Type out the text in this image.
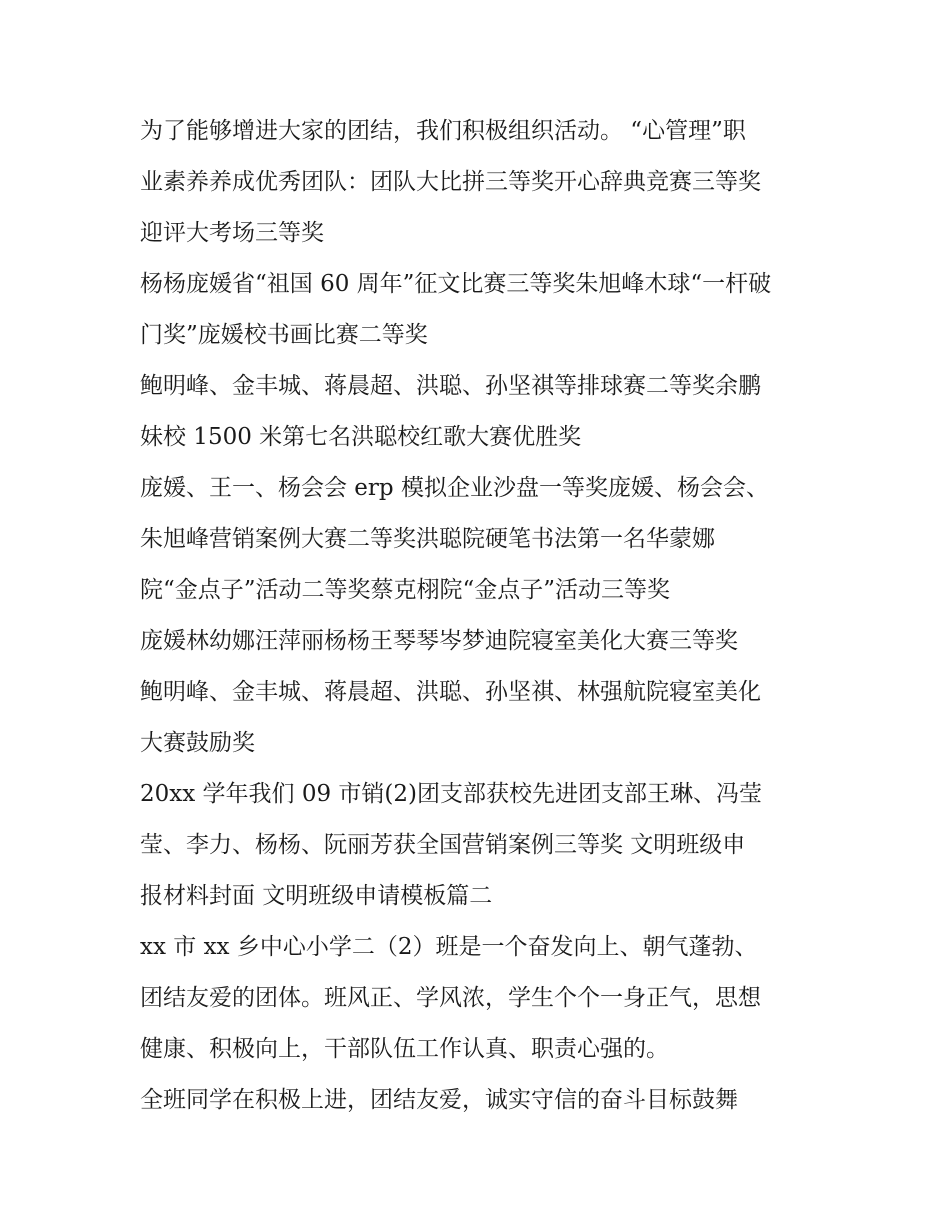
为了能够增进大家的团结，我们积极组织活动。 “心管理”职
业素养养成优秀团队：团队大比拼三等奖开心辞典竞赛三等奖
迎评大考场三等奖
杨杨庞媛省“祖国 60 周年”征文比赛三等奖朱旭峰木球“一杆破
门奖”庞媛校书画比赛二等奖
鲍明峰、金丰城、蒋晨超、洪聪、孙坚祺等排球赛二等奖余鹏
妹校 1500 米第七名洪聪校红歌大赛优胜奖
庞媛、王一、杨会会 erp 模拟企业沙盘一等奖庞媛、杨会会、
朱旭峰营销案例大赛二等奖洪聪院硬笔书法第一名华蒙娜
院“金点子”活动二等奖蔡克栩院“金点子”活动三等奖
庞媛林幼娜汪萍丽杨杨王琴琴岑梦迪院寝室美化大赛三等奖
鲍明峰、金丰城、蒋晨超、洪聪、孙坚祺、林强航院寝室美化
大赛鼓励奖
20xx 学年我们 09 市销(2)团支部获校先进团支部王琳、冯莹
莹、李力、杨杨、阮丽芳获全国营销案例三等奖 文明班级申
报材料封面 文明班级申请模板篇二
xx 市 xx 乡中心小学二（2）班是一个奋发向上、朝气蓬勃、
团结友爱的团体。班风正、学风浓，学生个个一身正气，思想
健康、积极向上，干部队伍工作认真、职责心强的。
全班同学在积极上进，团结友爱，诚实守信的奋斗目标鼓舞
